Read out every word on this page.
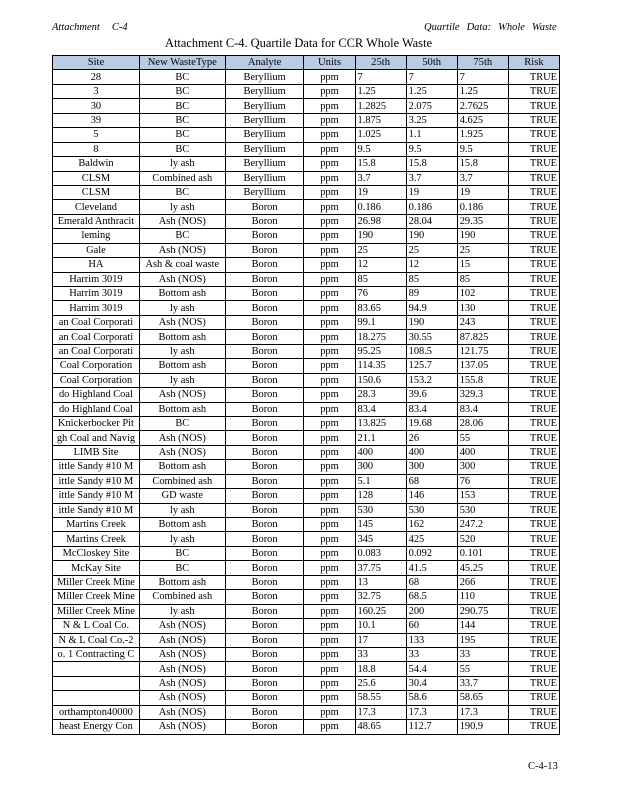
Attachment C-4	Quartile Data: Whole Waste
Attachment C-4. Quartile Data for CCR Whole Waste
Site	New WasteType	Analyte	Units	25th	50th	75th	Risk
28	BC	Beryllium	ppm	7	7	7	TRUE
3	BC	Beryllium	ppm	1.25	1.25	1.25	TRUE
30	BC	Beryllium	ppm	1.2825	2.075	2.7625	TRUE
39	BC	Beryllium	ppm	1.875	3.25	4.625	TRUE
5	BC	Beryllium	ppm	1.025	1.1	1.925	TRUE
8	BC	Beryllium	ppm	9.5	9.5	9.5	TRUE
Baldwin	ly ash	Beryllium	ppm	15.8	15.8	15.8	TRUE
CLSM	Combined ash	Beryllium	ppm	3.7	3.7	3.7	TRUE
CLSM	BC	Beryllium	ppm	19	19	19	TRUE
Cleveland	ly ash	Boron	ppm	0.186	0.186	0.186	TRUE
Emerald Anthracit	Ash (NOS)	Boron	ppm	26.98	28.04	29.35	TRUE
leming	BC	Boron	ppm	190	190	190	TRUE
Gale	Ash (NOS)	Boron	ppm	25	25	25	TRUE
HA	Ash & coal waste	Boron	ppm	12	12	15	TRUE
Harrim 3019	Ash (NOS)	Boron	ppm	85	85	85	TRUE
Harrim 3019	Bottom ash	Boron	ppm	76	89	102	TRUE
Harrim 3019	ly ash	Boron	ppm	83.65	94.9	130	TRUE
an Coal Corporati	Ash (NOS)	Boron	ppm	99.1	190	243	TRUE
an Coal Corporati	Bottom ash	Boron	ppm	18.275	30.55	87.825	TRUE
an Coal Corporati	ly ash	Boron	ppm	95.25	108.5	121.75	TRUE
Coal Corporation	Bottom ash	Boron	ppm	114.35	125.7	137.05	TRUE
Coal Corporation	ly ash	Boron	ppm	150.6	153.2	155.8	TRUE
do Highland Coal	Ash (NOS)	Boron	ppm	28.3	39.6	329.3	TRUE
do Highland Coal	Bottom ash	Boron	ppm	83.4	83.4	83.4	TRUE
Knickerbocker Pit	BC	Boron	ppm	13.825	19.68	28.06	TRUE
gh Coal and Navig	Ash (NOS)	Boron	ppm	21.1	26	55	TRUE
LIMB Site	Ash (NOS)	Boron	ppm	400	400	400	TRUE
ittle Sandy #10 M	Bottom ash	Boron	ppm	300	300	300	TRUE
ittle Sandy #10 M	Combined ash	Boron	ppm	5.1	68	76	TRUE
ittle Sandy #10 M	GD waste	Boron	ppm	128	146	153	TRUE
ittle Sandy #10 M	ly ash	Boron	ppm	530	530	530	TRUE
Martins Creek	Bottom ash	Boron	ppm	145	162	247.2	TRUE
Martins Creek	ly ash	Boron	ppm	345	425	520	TRUE
McCloskey Site	BC	Boron	ppm	0.083	0.092	0.101	TRUE
McKay Site	BC	Boron	ppm	37.75	41.5	45.25	TRUE
Miller Creek Mine	Bottom ash	Boron	ppm	13	68	266	TRUE
Miller Creek Mine	Combined ash	Boron	ppm	32.75	68.5	110	TRUE
Miller Creek Mine	ly ash	Boron	ppm	160.25	200	290.75	TRUE
N & L Coal Co.	Ash (NOS)	Boron	ppm	10.1	60	144	TRUE
N & L Coal Co.-2	Ash (NOS)	Boron	ppm	17	133	195	TRUE
o. 1 Contracting C	Ash (NOS)	Boron	ppm	33	33	33	TRUE
	Ash (NOS)	Boron	ppm	18.8	54.4	55	TRUE
	Ash (NOS)	Boron	ppm	25.6	30.4	33.7	TRUE
	Ash (NOS)	Boron	ppm	58.55	58.6	58.65	TRUE
orthampton40000	Ash (NOS)	Boron	ppm	17.3	17.3	17.3	TRUE
heast Energy Con	Ash (NOS)	Boron	ppm	48.65	112.7	190.9	TRUE
C-4-13
